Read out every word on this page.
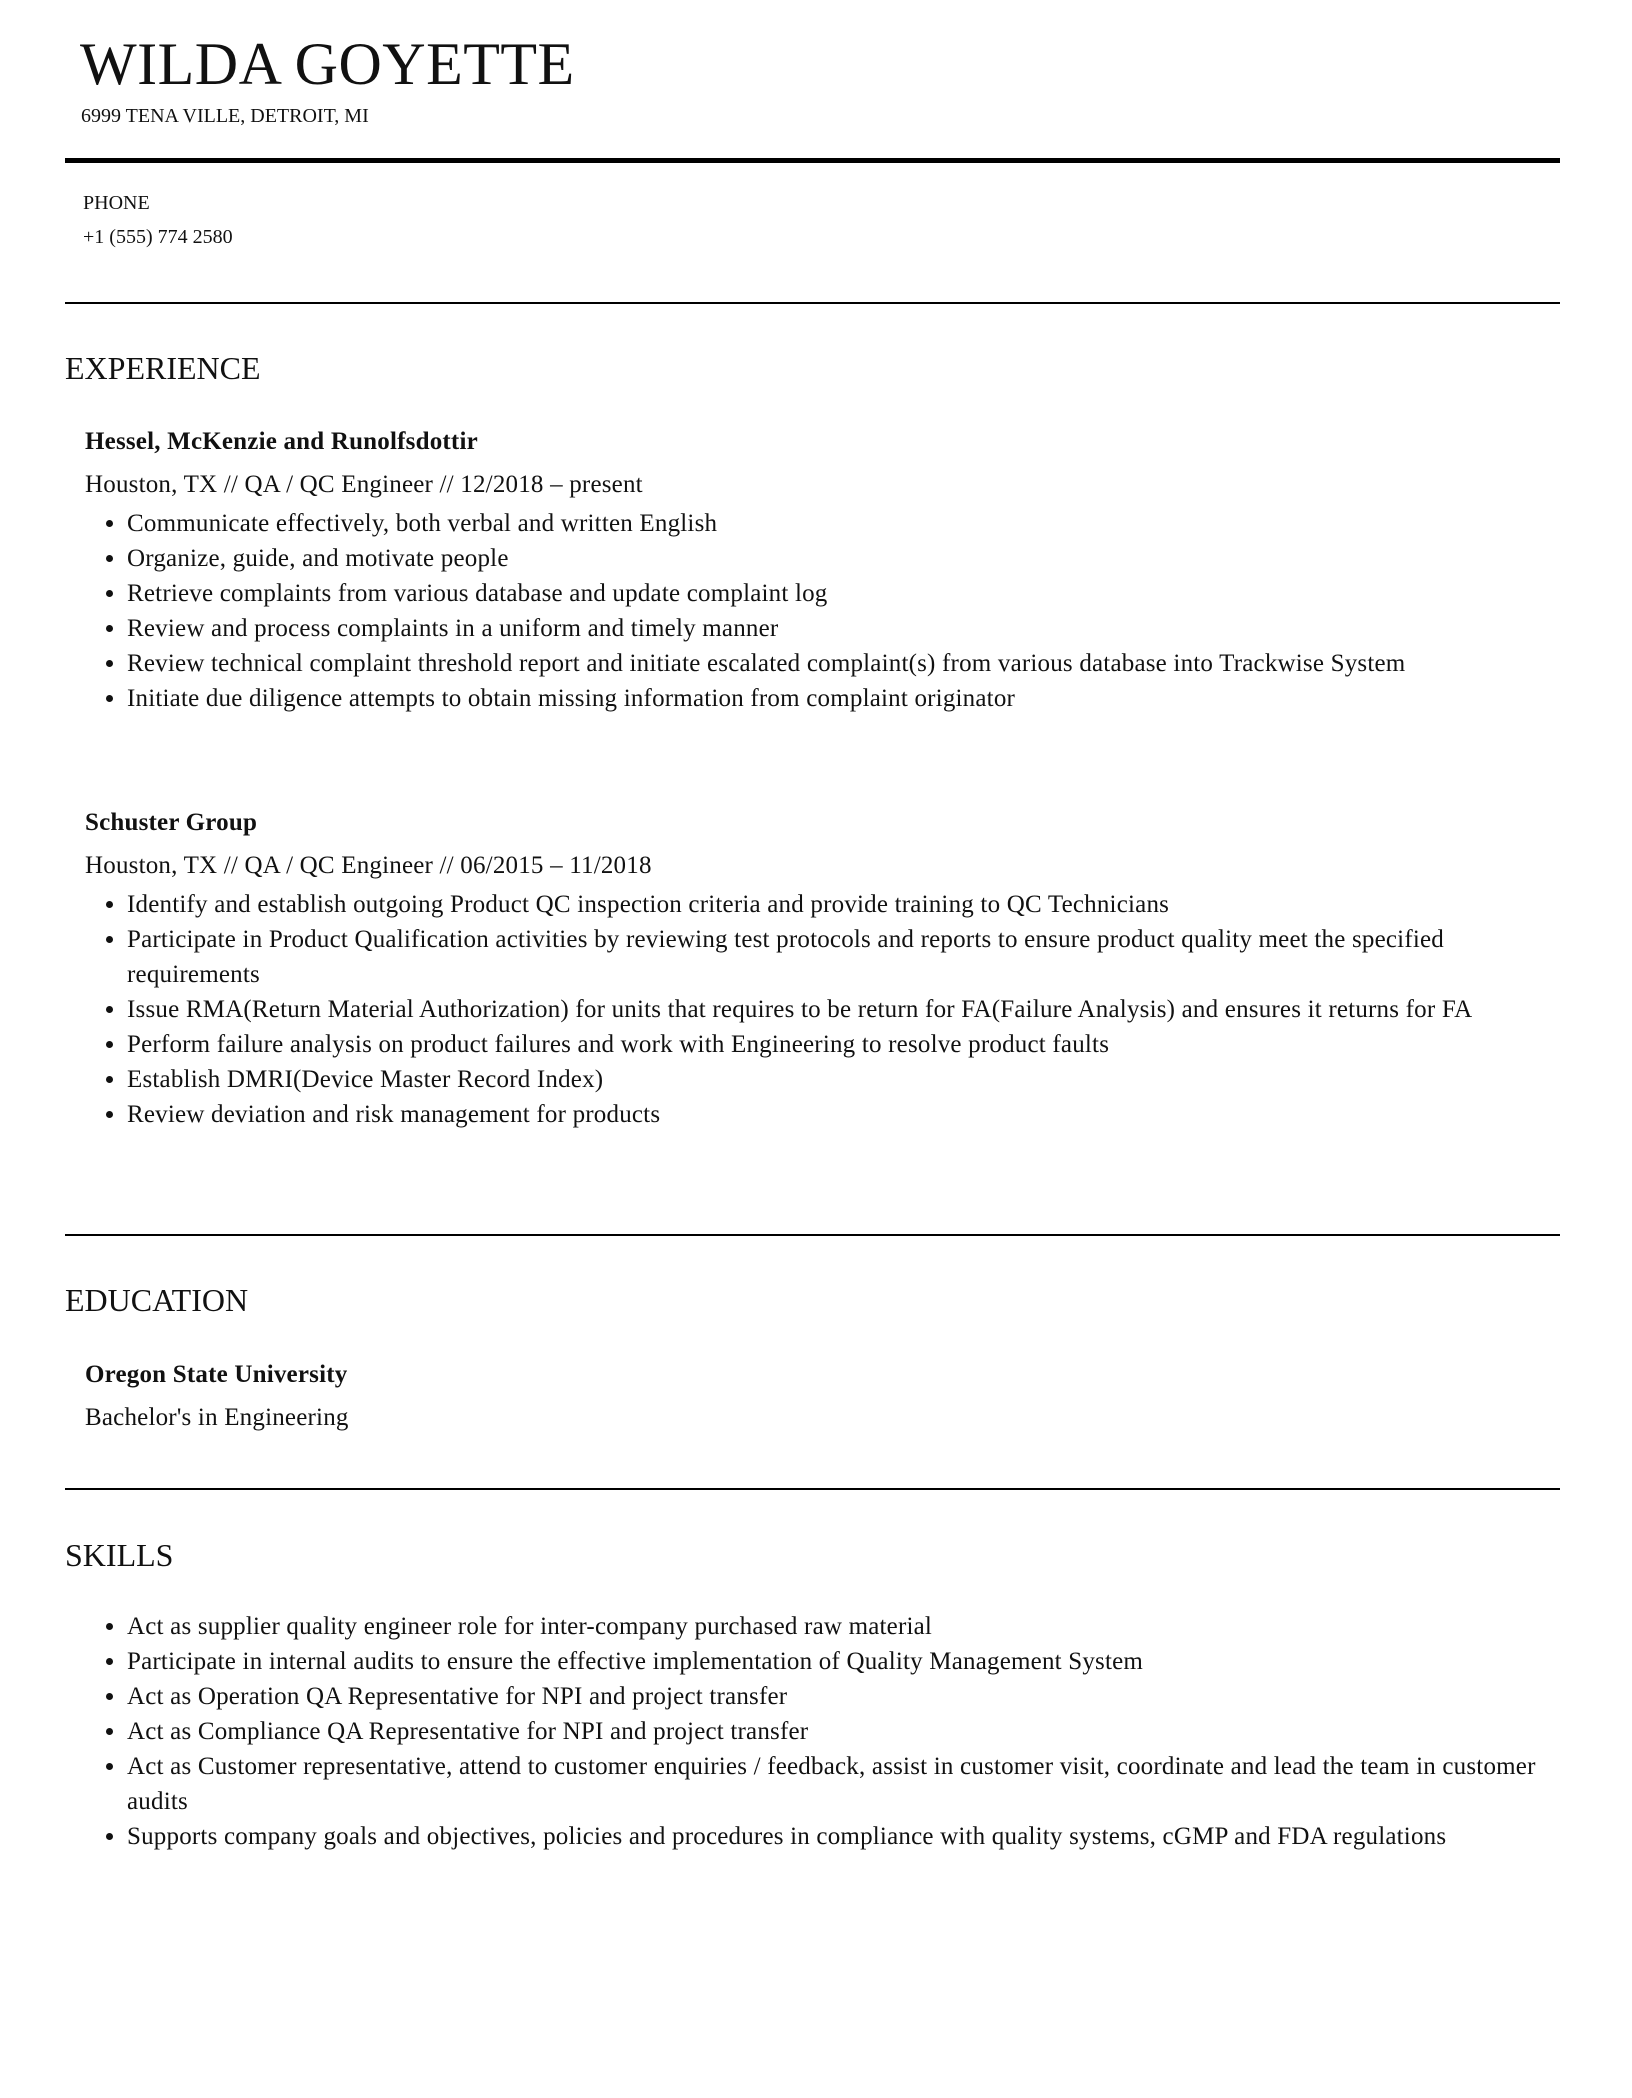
WILDA GOYETTE
6999 TENA VILLE, DETROIT, MI
PHONE
+1 (555) 774 2580
EXPERIENCE
Hessel, McKenzie and Runolfsdottir
Houston, TX // QA / QC Engineer // 12/2018 – present
• Communicate effectively, both verbal and written English
• Organize, guide, and motivate people
• Retrieve complaints from various database and update complaint log
• Review and process complaints in a uniform and timely manner
• Review technical complaint threshold report and initiate escalated complaint(s) from various database into Trackwise System
• Initiate due diligence attempts to obtain missing information from complaint originator
Schuster Group
Houston, TX // QA / QC Engineer // 06/2015 – 11/2018
• Identify and establish outgoing Product QC inspection criteria and provide training to QC Technicians
• Participate in Product Qualification activities by reviewing test protocols and reports to ensure product quality meet the specified requirements
• Issue RMA(Return Material Authorization) for units that requires to be return for FA(Failure Analysis) and ensures it returns for FA
• Perform failure analysis on product failures and work with Engineering to resolve product faults
• Establish DMRI(Device Master Record Index)
• Review deviation and risk management for products
EDUCATION
Oregon State University
Bachelor's in Engineering
SKILLS
• Act as supplier quality engineer role for inter-company purchased raw material
• Participate in internal audits to ensure the effective implementation of Quality Management System
• Act as Operation QA Representative for NPI and project transfer
• Act as Compliance QA Representative for NPI and project transfer
• Act as Customer representative, attend to customer enquiries / feedback, assist in customer visit, coordinate and lead the team in customer audits
• Supports company goals and objectives, policies and procedures in compliance with quality systems, cGMP and FDA regulations
